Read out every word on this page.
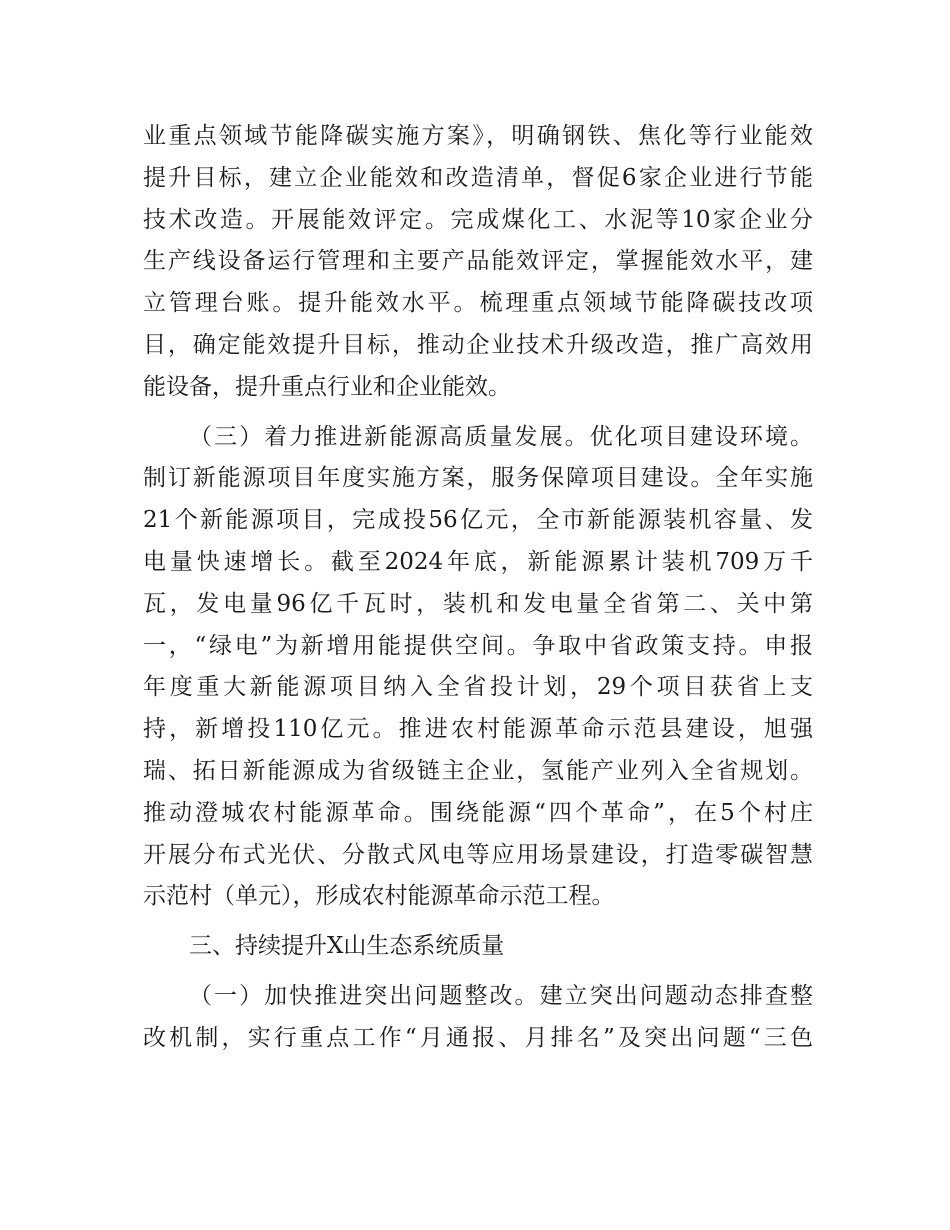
业重点领域节能降碳实施方案》，明确钢铁、焦化等行业能效
提升目标，建立企业能效和改造清单，督促6家企业进行节能
技术改造。开展能效评定。完成煤化工、水泥等10家企业分
生产线设备运行管理和主要产品能效评定，掌握能效水平，建
立管理台账。提升能效水平。梳理重点领域节能降碳技改项
目，确定能效提升目标，推动企业技术升级改造，推广高效用
能设备，提升重点行业和企业能效。
（三）着力推进新能源高质量发展。优化项目建设环境。
制订新能源项目年度实施方案，服务保障项目建设。全年实施
21个新能源项目，完成投56亿元，全市新能源装机容量、发
电量快速增长。截至2024年底，新能源累计装机709万千
瓦，发电量96亿千瓦时，装机和发电量全省第二、关中第
一，“绿电”为新增用能提供空间。争取中省政策支持。申报
年度重大新能源项目纳入全省投计划，29个项目获省上支
持，新增投110亿元。推进农村能源革命示范县建设，旭强
瑞、拓日新能源成为省级链主企业，氢能产业列入全省规划。
推动澄城农村能源革命。围绕能源“四个革命”，在5个村庄
开展分布式光伏、分散式风电等应用场景建设，打造零碳智慧
示范村（单元），形成农村能源革命示范工程。
三、持续提升X山生态系统质量
（一）加快推进突出问题整改。建立突出问题动态排查整
改机制，实行重点工作“月通报、月排名”及突出问题“三色
